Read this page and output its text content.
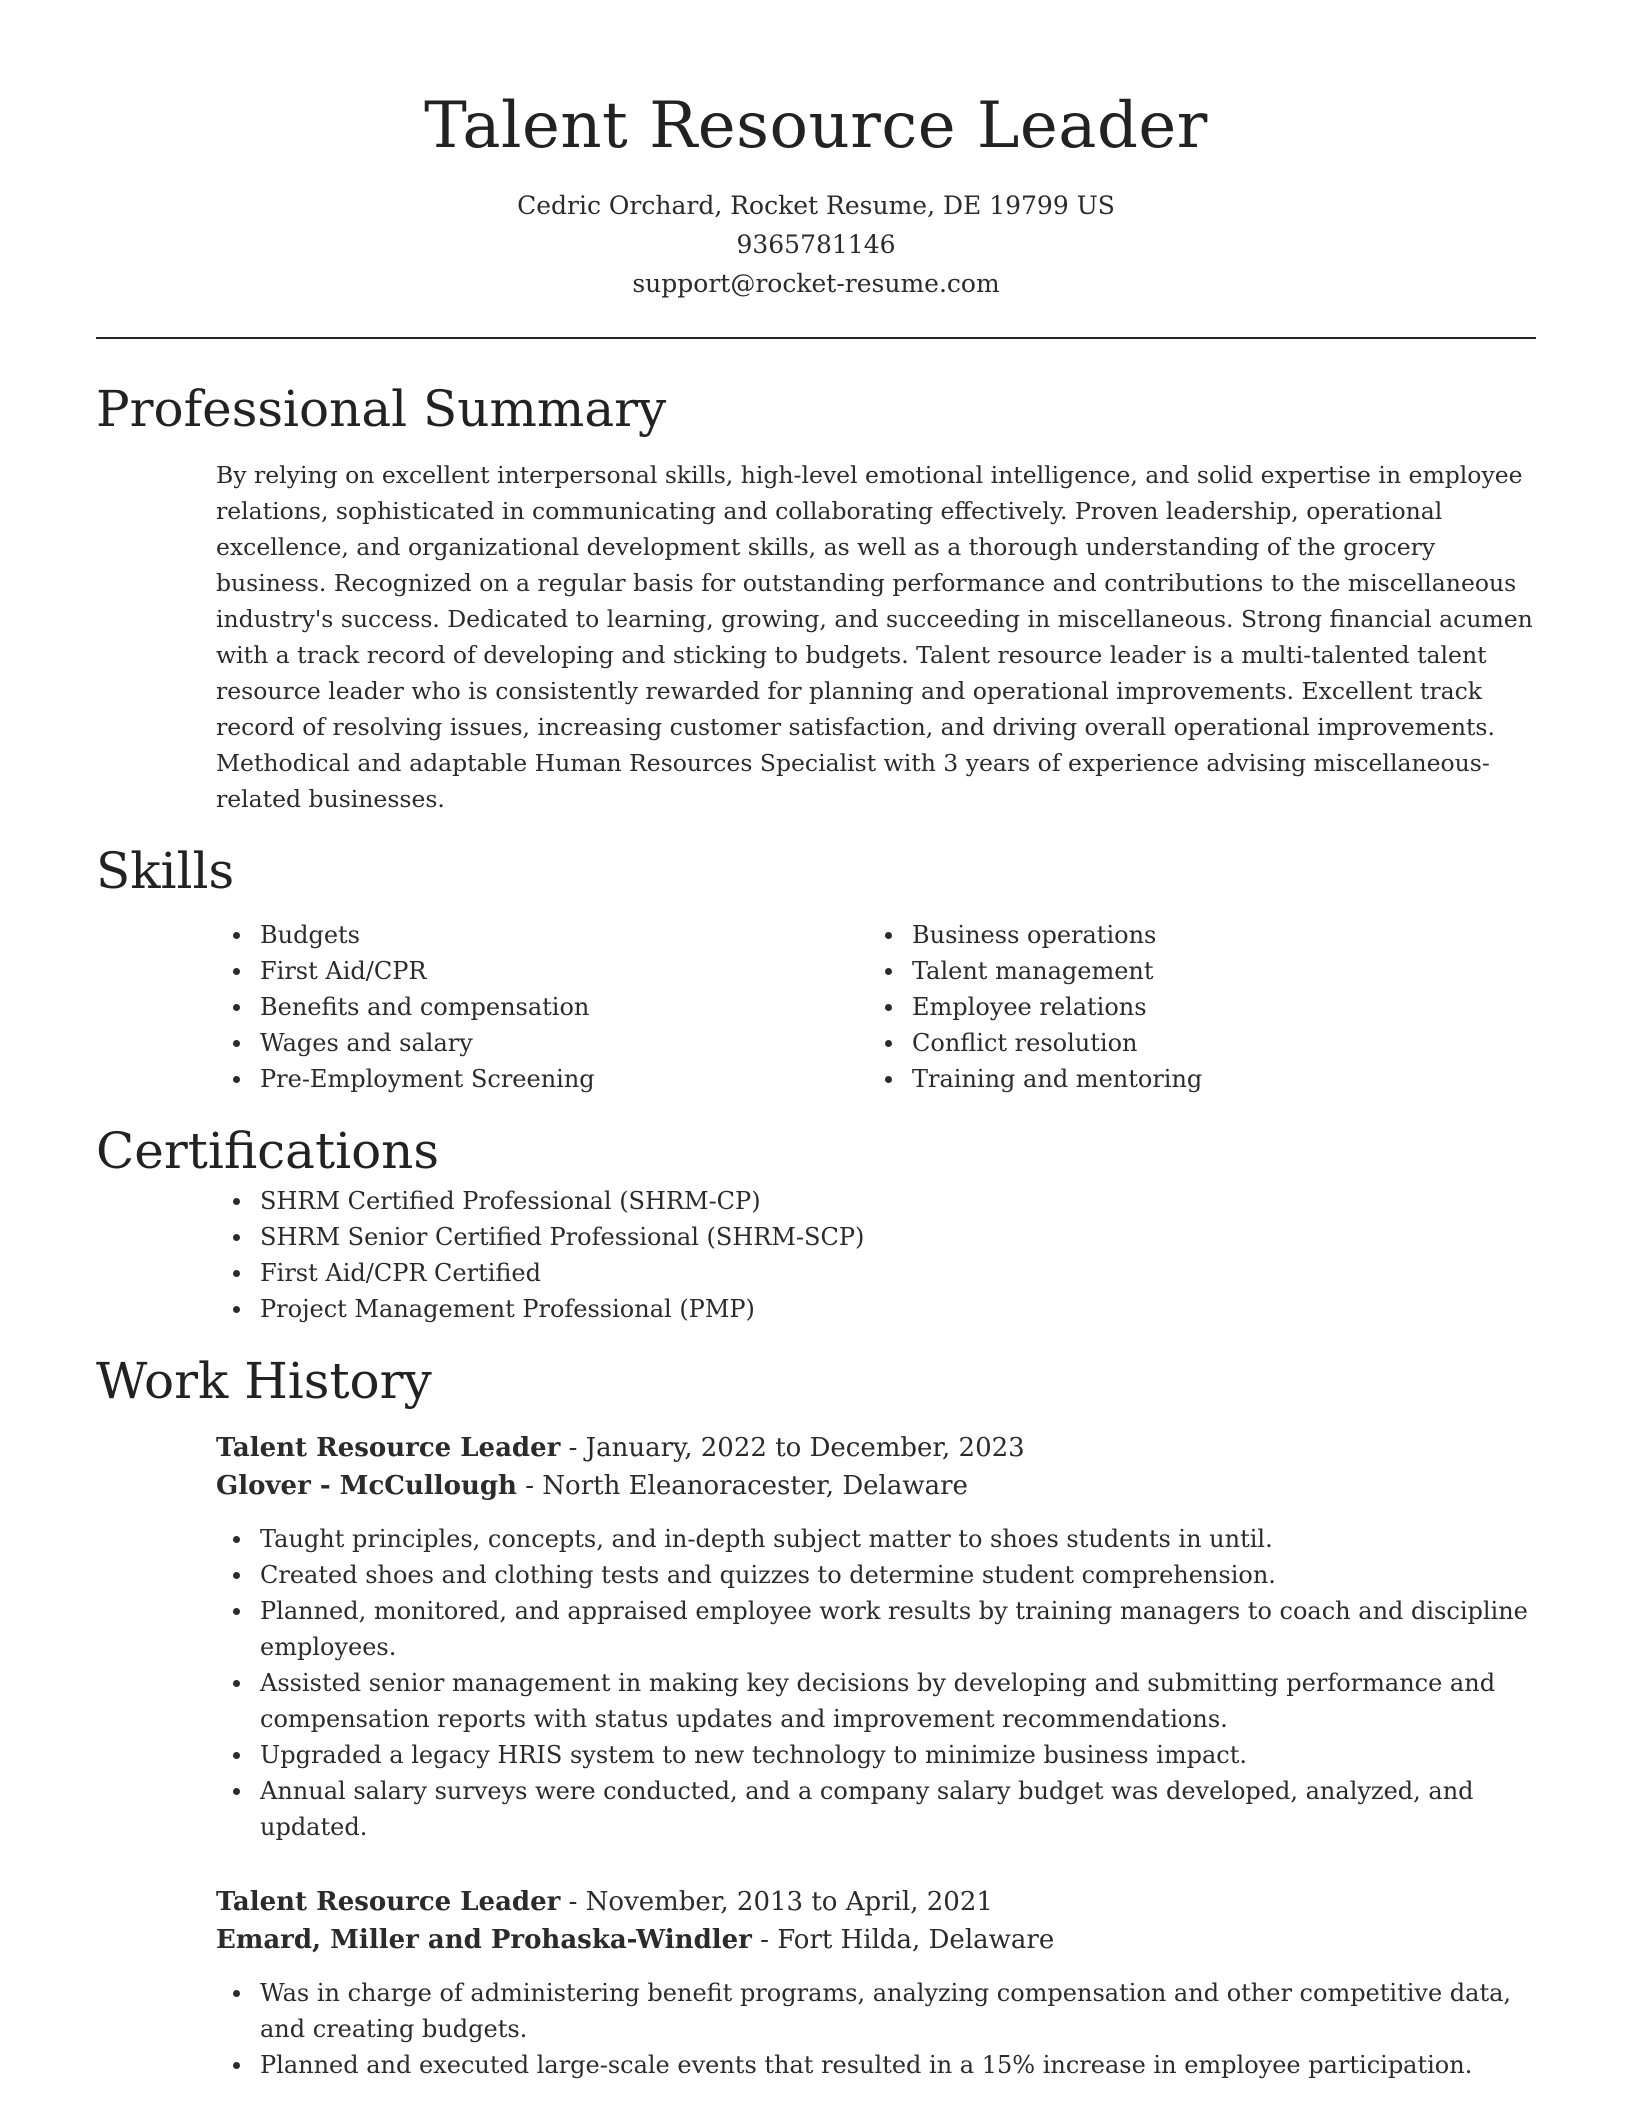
Talent Resource Leader
Cedric Orchard, Rocket Resume, DE 19799 US
9365781146
support@rocket-resume.com
Professional Summary

By relying on excellent interpersonal skills, high-level emotional intelligence, and solid expertise in employee relations, sophisticated in communicating and collaborating effectively. Proven leadership, operational excellence, and organizational development skills, as well as a thorough understanding of the grocery business. Recognized on a regular basis for outstanding performance and contributions to the miscellaneous industry's success. Dedicated to learning, growing, and succeeding in miscellaneous. Strong financial acumen with a track record of developing and sticking to budgets. Talent resource leader is a multi-talented talent resource leader who is consistently rewarded for planning and operational improvements. Excellent track record of resolving issues, increasing customer satisfaction, and driving overall operational improvements. Methodical and adaptable Human Resources Specialist with 3 years of experience advising miscellaneous-related businesses.

Skills
Budgets
First Aid/CPR
Benefits and compensation
Wages and salary
Pre-Employment Screening
Business operations
Talent management
Employee relations
Conflict resolution
Training and mentoring
Certifications
SHRM Certified Professional (SHRM-CP)
SHRM Senior Certified Professional (SHRM-SCP)
First Aid/CPR Certified
Project Management Professional (PMP)
Work History
Talent Resource Leader - January, 2022 to December, 2023
Glover - McCullough - North Eleanoracester, Delaware
Taught principles, concepts, and in-depth subject matter to shoes students in until.
Created shoes and clothing tests and quizzes to determine student comprehension.
Planned, monitored, and appraised employee work results by training managers to coach and discipline employees.
Assisted senior management in making key decisions by developing and submitting performance and compensation reports with status updates and improvement recommendations.
Upgraded a legacy HRIS system to new technology to minimize business impact.
Annual salary surveys were conducted, and a company salary budget was developed, analyzed, and updated.
Talent Resource Leader - November, 2013 to April, 2021
Emard, Miller and Prohaska-Windler - Fort Hilda, Delaware
Was in charge of administering benefit programs, analyzing compensation and other competitive data, and creating budgets.
Planned and executed large-scale events that resulted in a 15% increase in employee participation.
